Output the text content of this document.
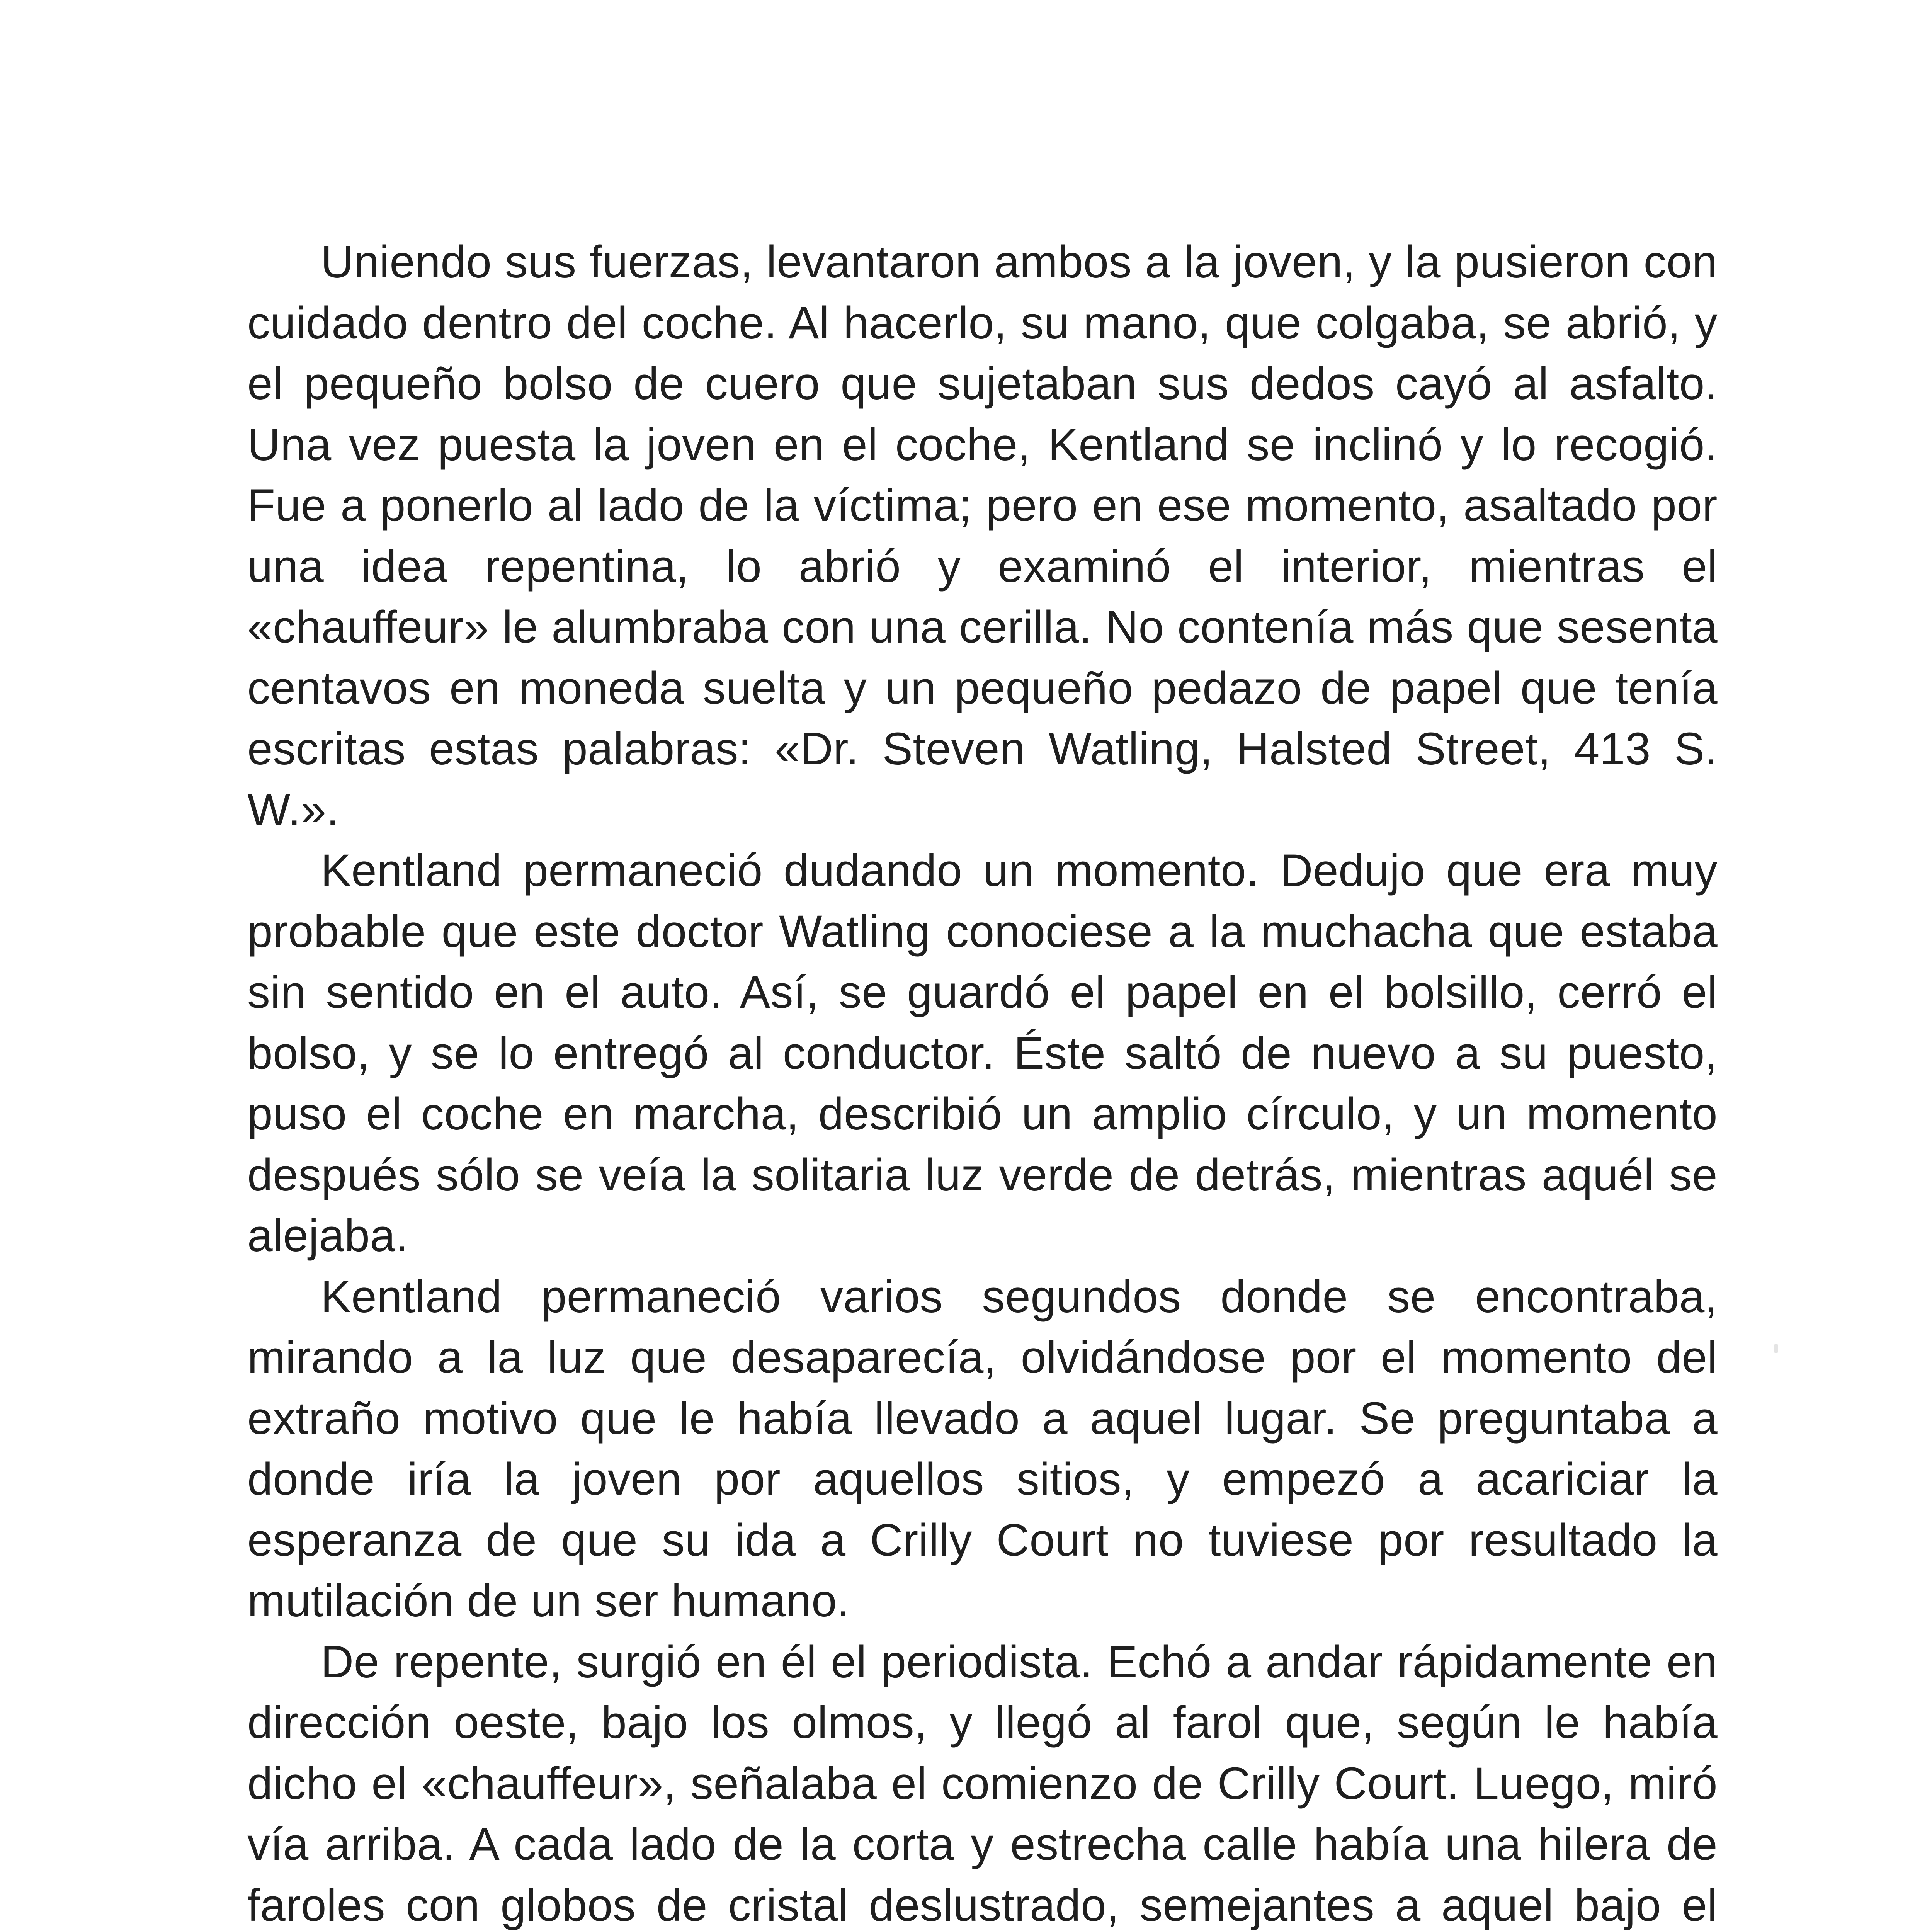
Uniendo sus fuerzas, levantaron ambos a la joven, y la pusieron con cuidado dentro del coche. Al hacerlo, su mano, que colgaba, se abrió, y el pequeño bolso de cuero que sujetaban sus dedos cayó al asfalto. Una vez puesta la joven en el coche, Kentland se inclinó y lo recogió. Fue a ponerlo al lado de la víctima; pero en ese momento, asaltado por una idea repentina, lo abrió y examinó el interior, mientras el «chauffeur» le alumbraba con una cerilla. No contenía más que sesenta centavos en moneda suelta y un pequeño pedazo de papel que tenía escritas estas palabras: «Dr. Steven Watling, Halsted Street, 413 S. W.».

Kentland permaneció dudando un momento. Dedujo que era muy probable que este doctor Watling conociese a la muchacha que estaba sin sentido en el auto. Así, se guardó el papel en el bolsillo, cerró el bolso, y se lo entregó al conductor. Éste saltó de nuevo a su puesto, puso el coche en marcha, describió un amplio círculo, y un momento después sólo se veía la solitaria luz verde de detrás, mientras aquél se alejaba.

Kentland permaneció varios segundos donde se encontraba, mirando a la luz que desaparecía, olvidándose por el momento del extraño motivo que le había llevado a aquel lugar. Se preguntaba a donde iría la joven por aquellos sitios, y empezó a acariciar la esperanza de que su ida a Crilly Court no tuviese por resultado la mutilación de un ser humano.

De repente, surgió en él el periodista. Echó a andar rápidamente en dirección oeste, bajo los olmos, y llegó al farol que, según le había dicho el «chauffeur», señalaba el comienzo de Crilly Court. Luego, miró vía arriba. A cada lado de la corta y estrecha calle había una hilera de faroles con globos de cristal deslustrado, semejantes a aquel bajo el
